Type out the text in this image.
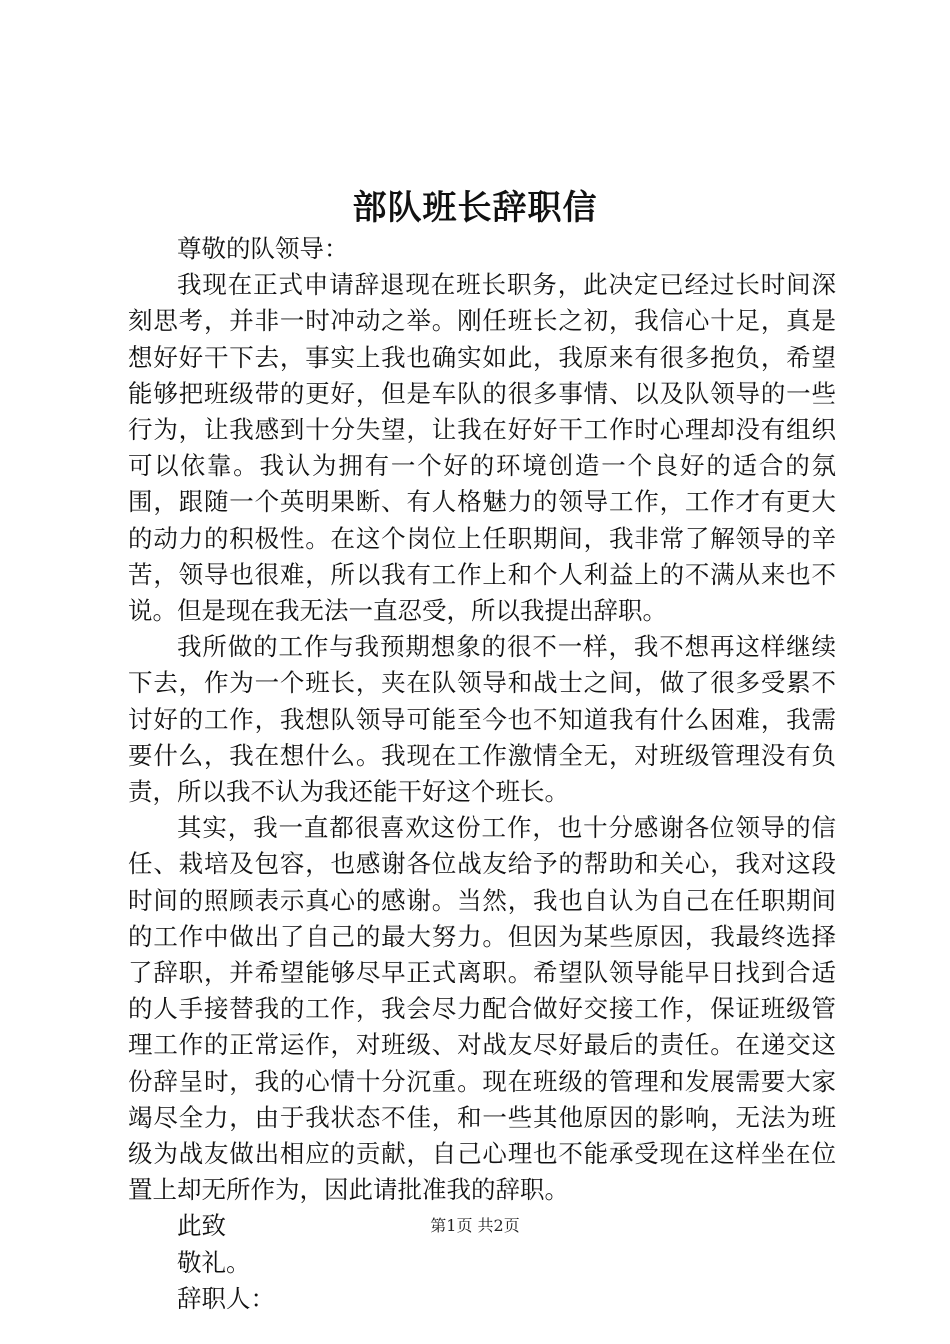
部队班长辞职信

尊敬的队领导：

我现在正式申请辞退现在班长职务，此决定已经过长时间深刻思考，并非一时冲动之举。刚任班长之初，我信心十足，真是想好好干下去，事实上我也确实如此，我原来有很多抱负，希望能够把班级带的更好，但是车队的很多事情、以及队领导的一些行为，让我感到十分失望，让我在好好干工作时心理却没有组织可以依靠。我认为拥有一个好的环境创造一个良好的适合的氛围，跟随一个英明果断、有人格魅力的领导工作，工作才有更大的动力的积极性。在这个岗位上任职期间，我非常了解领导的辛苦，领导也很难，所以我有工作上和个人利益上的不满从来也不说。但是现在我无法一直忍受，所以我提出辞职。

我所做的工作与我预期想象的很不一样，我不想再这样继续下去，作为一个班长，夹在队领导和战士之间，做了很多受累不讨好的工作，我想队领导可能至今也不知道我有什么困难，我需要什么，我在想什么。我现在工作激情全无，对班级管理没有负责，所以我不认为我还能干好这个班长。

其实，我一直都很喜欢这份工作，也十分感谢各位领导的信任、栽培及包容，也感谢各位战友给予的帮助和关心，我对这段时间的照顾表示真心的感谢。当然，我也自认为自己在任职期间的工作中做出了自己的最大努力。但因为某些原因，我最终选择了辞职，并希望能够尽早正式离职。希望队领导能早日找到合适的人手接替我的工作，我会尽力配合做好交接工作，保证班级管理工作的正常运作，对班级、对战友尽好最后的责任。在递交这份辞呈时，我的心情十分沉重。现在班级的管理和发展需要大家竭尽全力，由于我状态不佳，和一些其他原因的影响，无法为班级为战友做出相应的贡献，自己心理也不能承受现在这样坐在位置上却无所作为，因此请批准我的辞职。

此致

敬礼。

辞职人：

第1页 共2页
